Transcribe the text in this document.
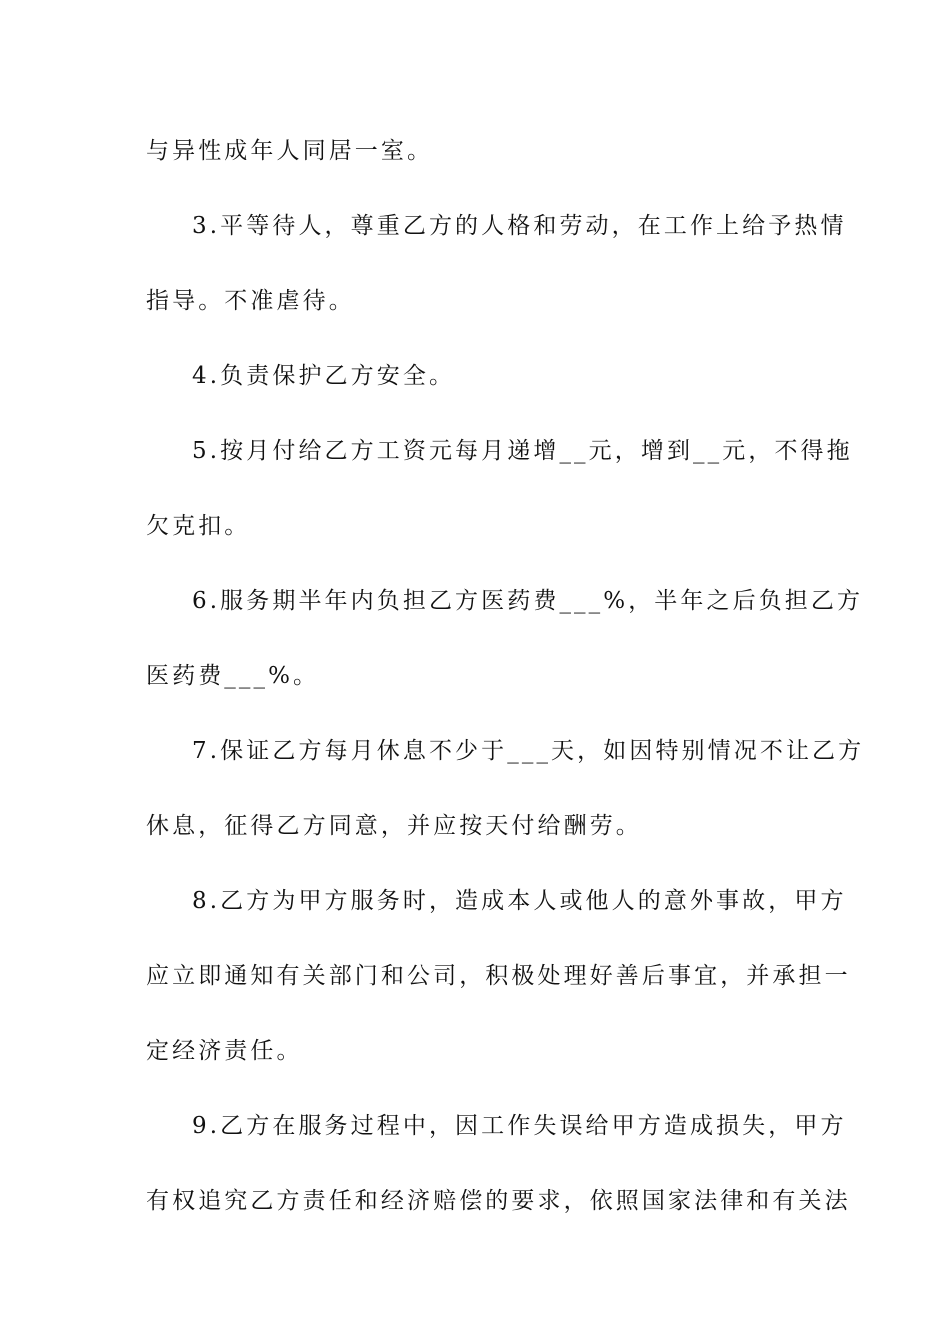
与异性成年人同居一室。
3.平等待人，尊重乙方的人格和劳动，在工作上给予热情
指导。不准虐待。
4.负责保护乙方安全。
5.按月付给乙方工资元每月递增__元，增到__元，不得拖
欠克扣。
6.服务期半年内负担乙方医药费___%，半年之后负担乙方
医药费___%。
7.保证乙方每月休息不少于___天，如因特别情况不让乙方
休息，征得乙方同意，并应按天付给酬劳。
8.乙方为甲方服务时，造成本人或他人的意外事故，甲方
应立即通知有关部门和公司，积极处理好善后事宜，并承担一
定经济责任。
9.乙方在服务过程中，因工作失误给甲方造成损失，甲方
有权追究乙方责任和经济赔偿的要求，依照国家法律和有关法
